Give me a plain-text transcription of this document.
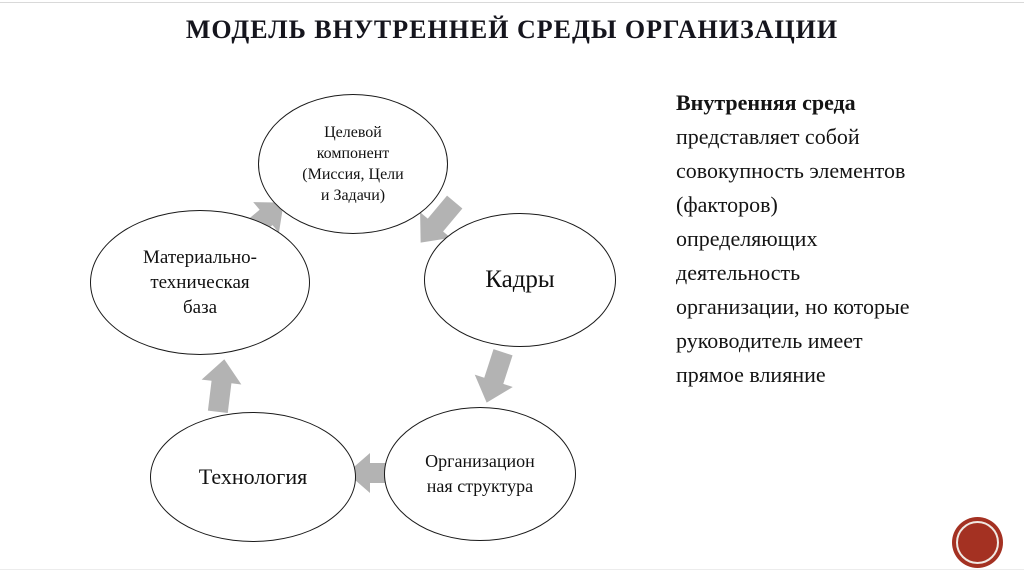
МОДЕЛЬ ВНУТРЕННЕЙ СРЕДЫ ОРГАНИЗАЦИИ
Целевой
компонент
(Миссия, Цели
и Задачи)
Материально-
техническая
база
Кадры
Организацион
ная структура
Технология
Внутренняя среда
представляет собой
совокупность элементов
(факторов)
определяющих
деятельность
организации, но которые
руководитель имеет
прямое влияние
